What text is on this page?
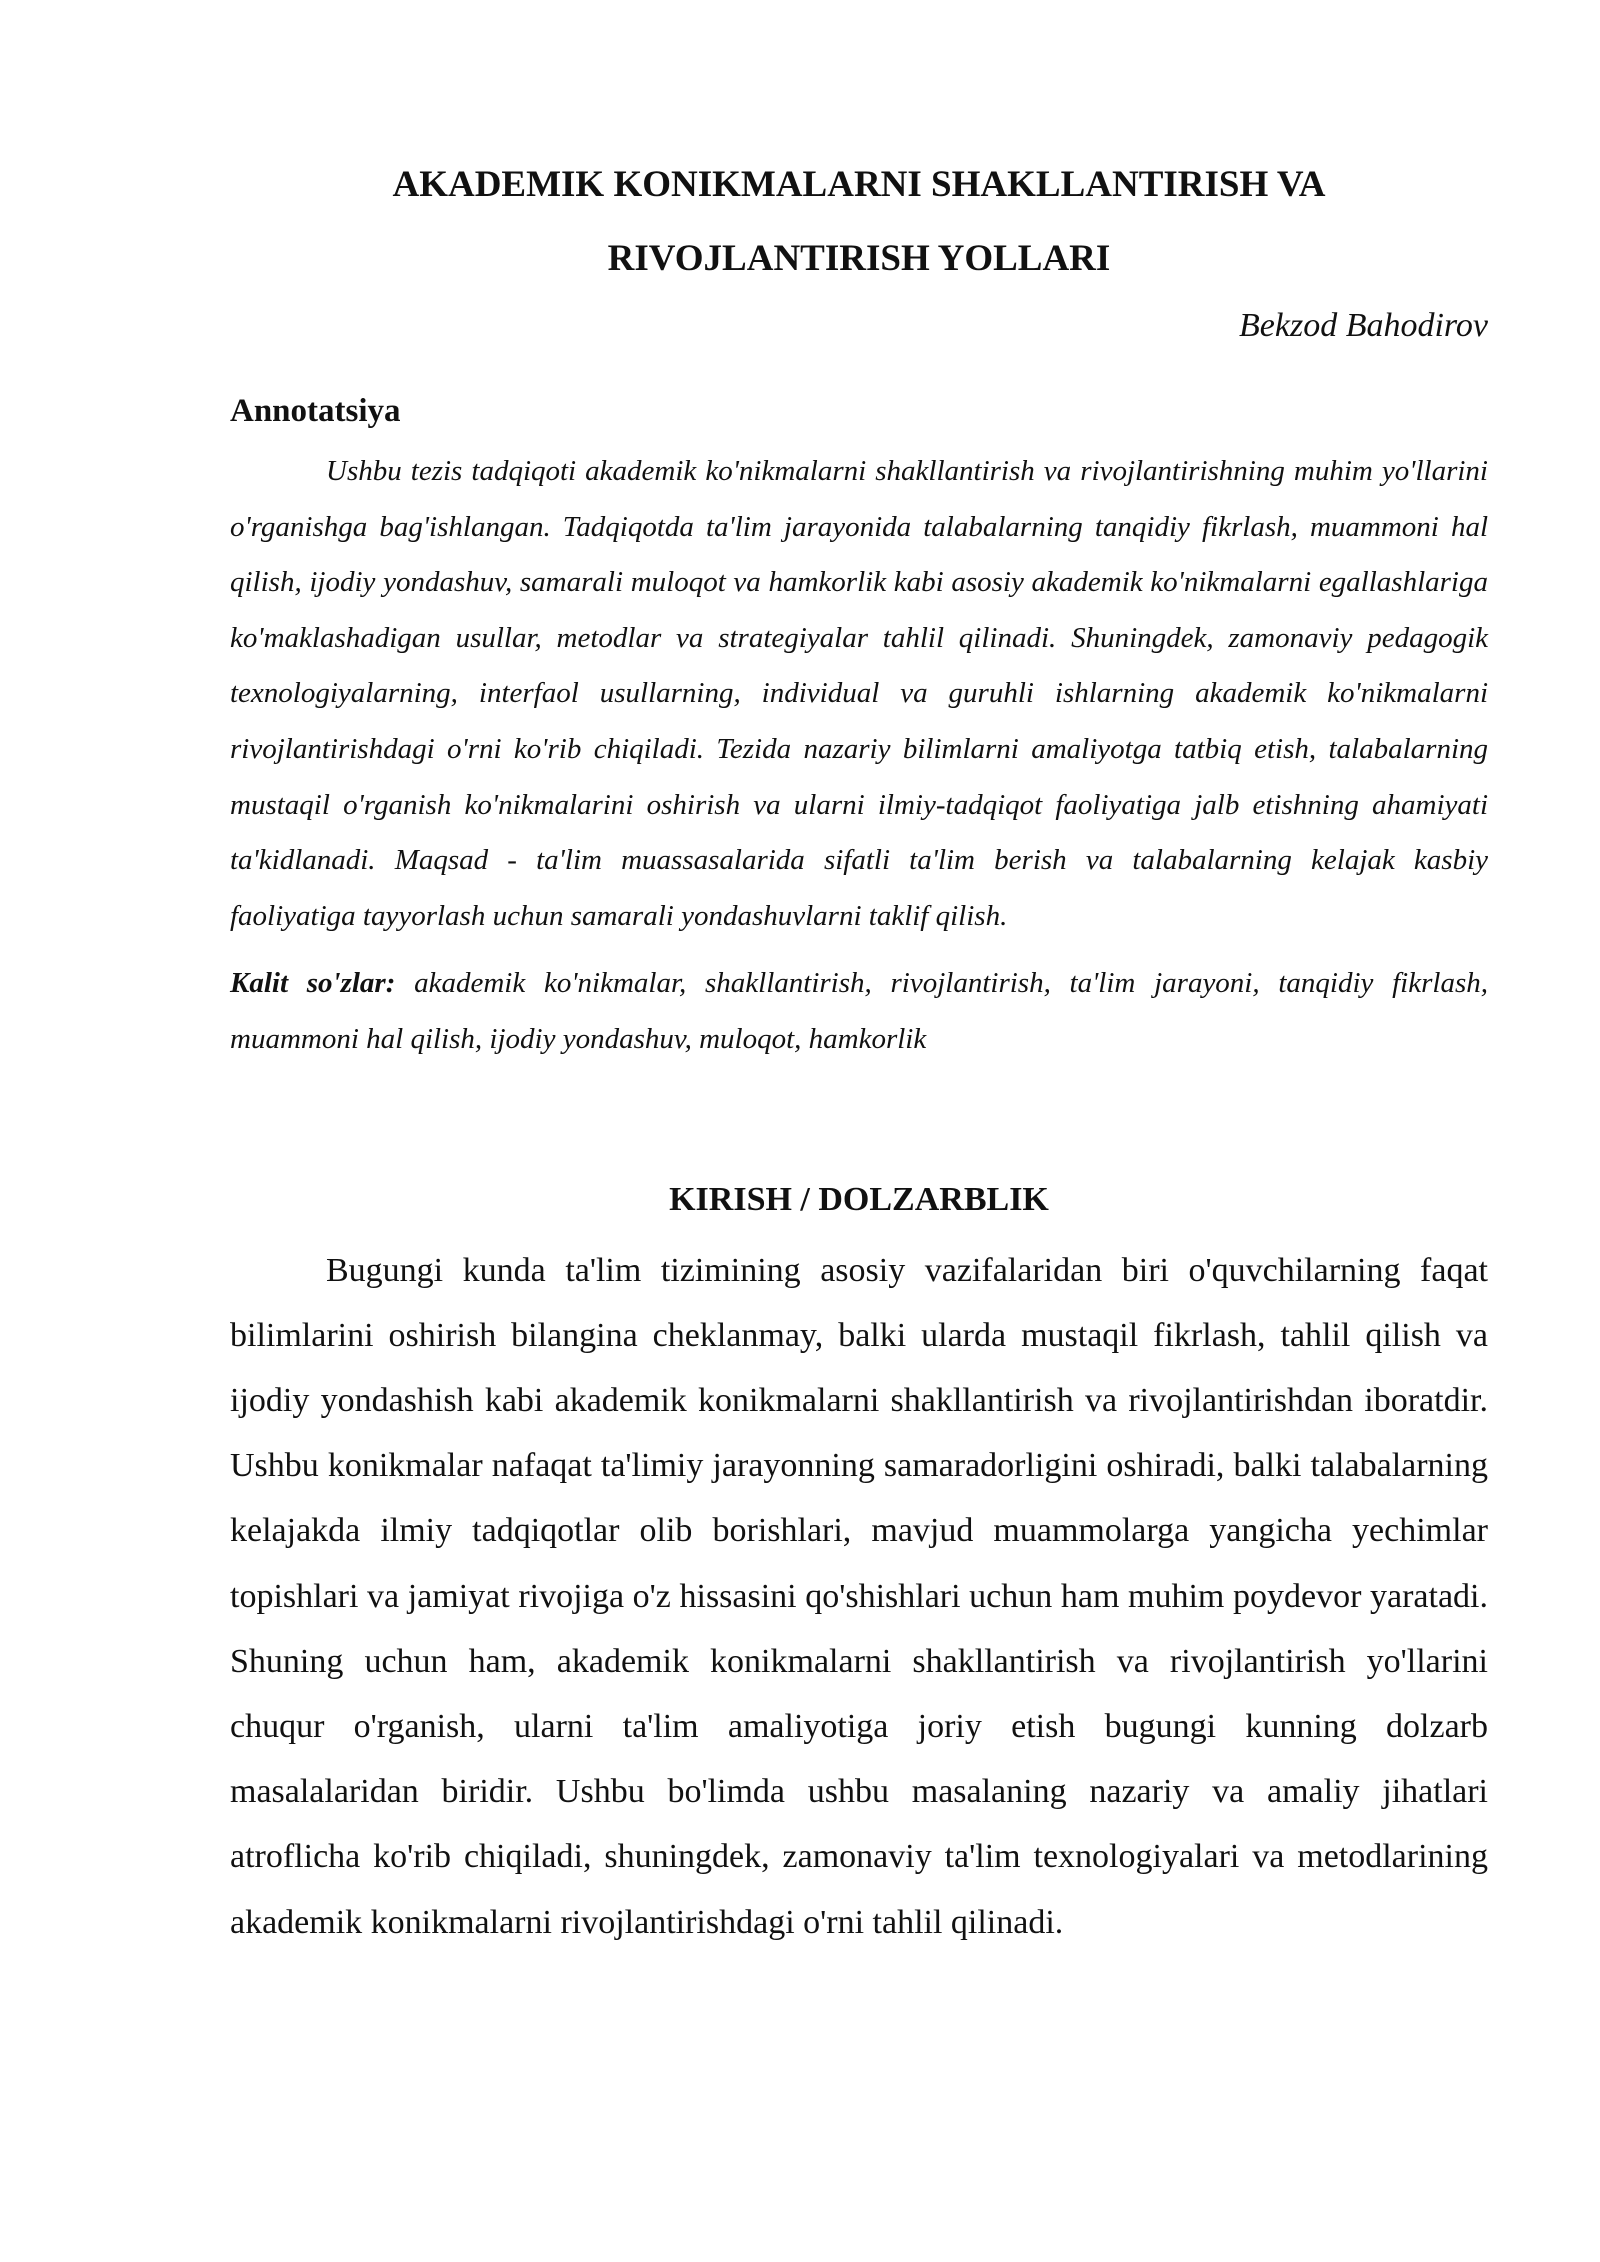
AKADEMIK KONIKMALARNI SHAKLLANTIRISH VA RIVOJLANTIRISH YOLLARI

Bekzod Bahodirov

Annotatsiya

Ushbu tezis tadqiqoti akademik ko'nikmalarni shakllantirish va rivojlantirishning muhim yo'llarini o'rganishga bag'ishlangan. Tadqiqotda ta'lim jarayonida talabalarning tanqidiy fikrlash, muammoni hal qilish, ijodiy yondashuv, samarali muloqot va hamkorlik kabi asosiy akademik ko'nikmalarni egallashlariga ko'maklashadigan usullar, metodlar va strategiyalar tahlil qilinadi. Shuningdek, zamonaviy pedagogik texnologiyalarning, interfaol usullarning, individual va guruhli ishlarning akademik ko'nikmalarni rivojlantirishdagi o'rni ko'rib chiqiladi. Tezida nazariy bilimlarni amaliyotga tatbiq etish, talabalarning mustaqil o'rganish ko'nikmalarini oshirish va ularni ilmiy-tadqiqot faoliyatiga jalb etishning ahamiyati ta'kidlanadi. Maqsad - ta'lim muassasalarida sifatli ta'lim berish va talabalarning kelajak kasbiy faoliyatiga tayyorlash uchun samarali yondashuvlarni taklif qilish.

Kalit so'zlar: akademik ko'nikmalar, shakllantirish, rivojlantirish, ta'lim jarayoni, tanqidiy fikrlash, muammoni hal qilish, ijodiy yondashuv, muloqot, hamkorlik

KIRISH / DOLZARBLIK

Bugungi kunda ta'lim tizimining asosiy vazifalaridan biri o'quvchilarning faqat bilimlarini oshirish bilangina cheklanmay, balki ularda mustaqil fikrlash, tahlil qilish va ijodiy yondashish kabi akademik konikmalarni shakllantirish va rivojlantirishdan iboratdir. Ushbu konikmalar nafaqat ta'limiy jarayonning samaradorligini oshiradi, balki talabalarning kelajakda ilmiy tadqiqotlar olib borishlari, mavjud muammolarga yangicha yechimlar topishlari va jamiyat rivojiga o'z hissasini qo'shishlari uchun ham muhim poydevor yaratadi. Shuning uchun ham, akademik konikmalarni shakllantirish va rivojlantirish yo'llarini chuqur o'rganish, ularni ta'lim amaliyotiga joriy etish bugungi kunning dolzarb masalalaridan biridir. Ushbu bo'limda ushbu masalaning nazariy va amaliy jihatlari atroflicha ko'rib chiqiladi, shuningdek, zamonaviy ta'lim texnologiyalari va metodlarining akademik konikmalarni rivojlantirishdagi o'rni tahlil qilinadi.
